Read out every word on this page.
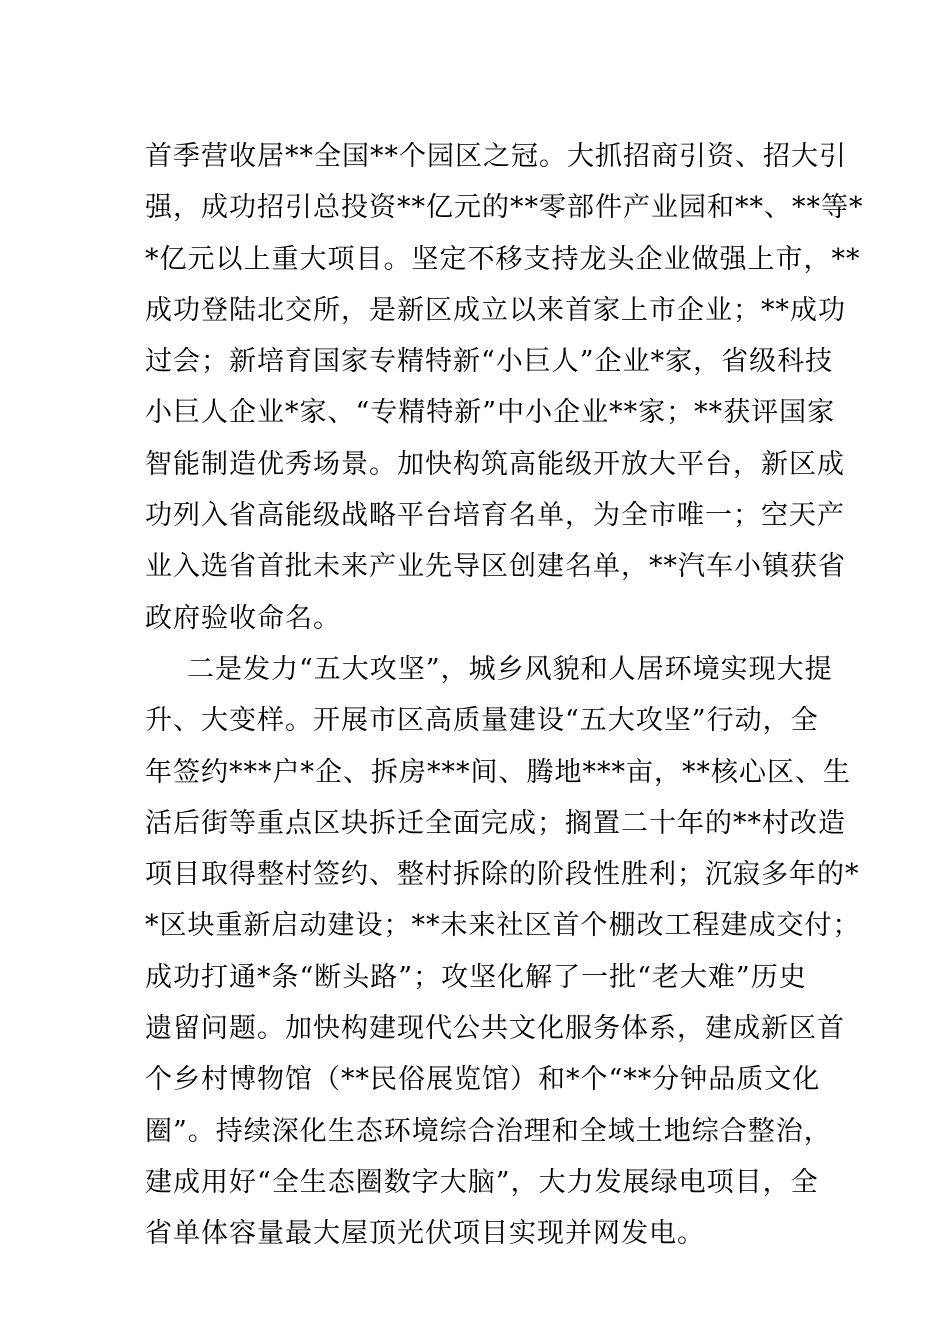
首季营收居**全国**个园区之冠。大抓招商引资、招大引
强，成功招引总投资**亿元的**零部件产业园和**、**等*
*亿元以上重大项目。坚定不移支持龙头企业做强上市，**
成功登陆北交所，是新区成立以来首家上市企业；**成功
过会；新培育国家专精特新“小巨人”企业*家，省级科技
小巨人企业*家、“专精特新”中小企业**家；**获评国家
智能制造优秀场景。加快构筑高能级开放大平台，新区成
功列入省高能级战略平台培育名单，为全市唯一；空天产
业入选省首批未来产业先导区创建名单，**汽车小镇获省
政府验收命名。
二是发力“五大攻坚”，城乡风貌和人居环境实现大提
升、大变样。开展市区高质量建设“五大攻坚”行动，全
年签约***户*企、拆房***间、腾地***亩，**核心区、生
活后街等重点区块拆迁全面完成；搁置二十年的**村改造
项目取得整村签约、整村拆除的阶段性胜利；沉寂多年的*
*区块重新启动建设；**未来社区首个棚改工程建成交付；
成功打通*条“断头路”；攻坚化解了一批“老大难”历史
遗留问题。加快构建现代公共文化服务体系，建成新区首
个乡村博物馆（**民俗展览馆）和*个“**分钟品质文化
圈”。持续深化生态环境综合治理和全域土地综合整治，
建成用好“全生态圈数字大脑”，大力发展绿电项目，全
省单体容量最大屋顶光伏项目实现并网发电。
